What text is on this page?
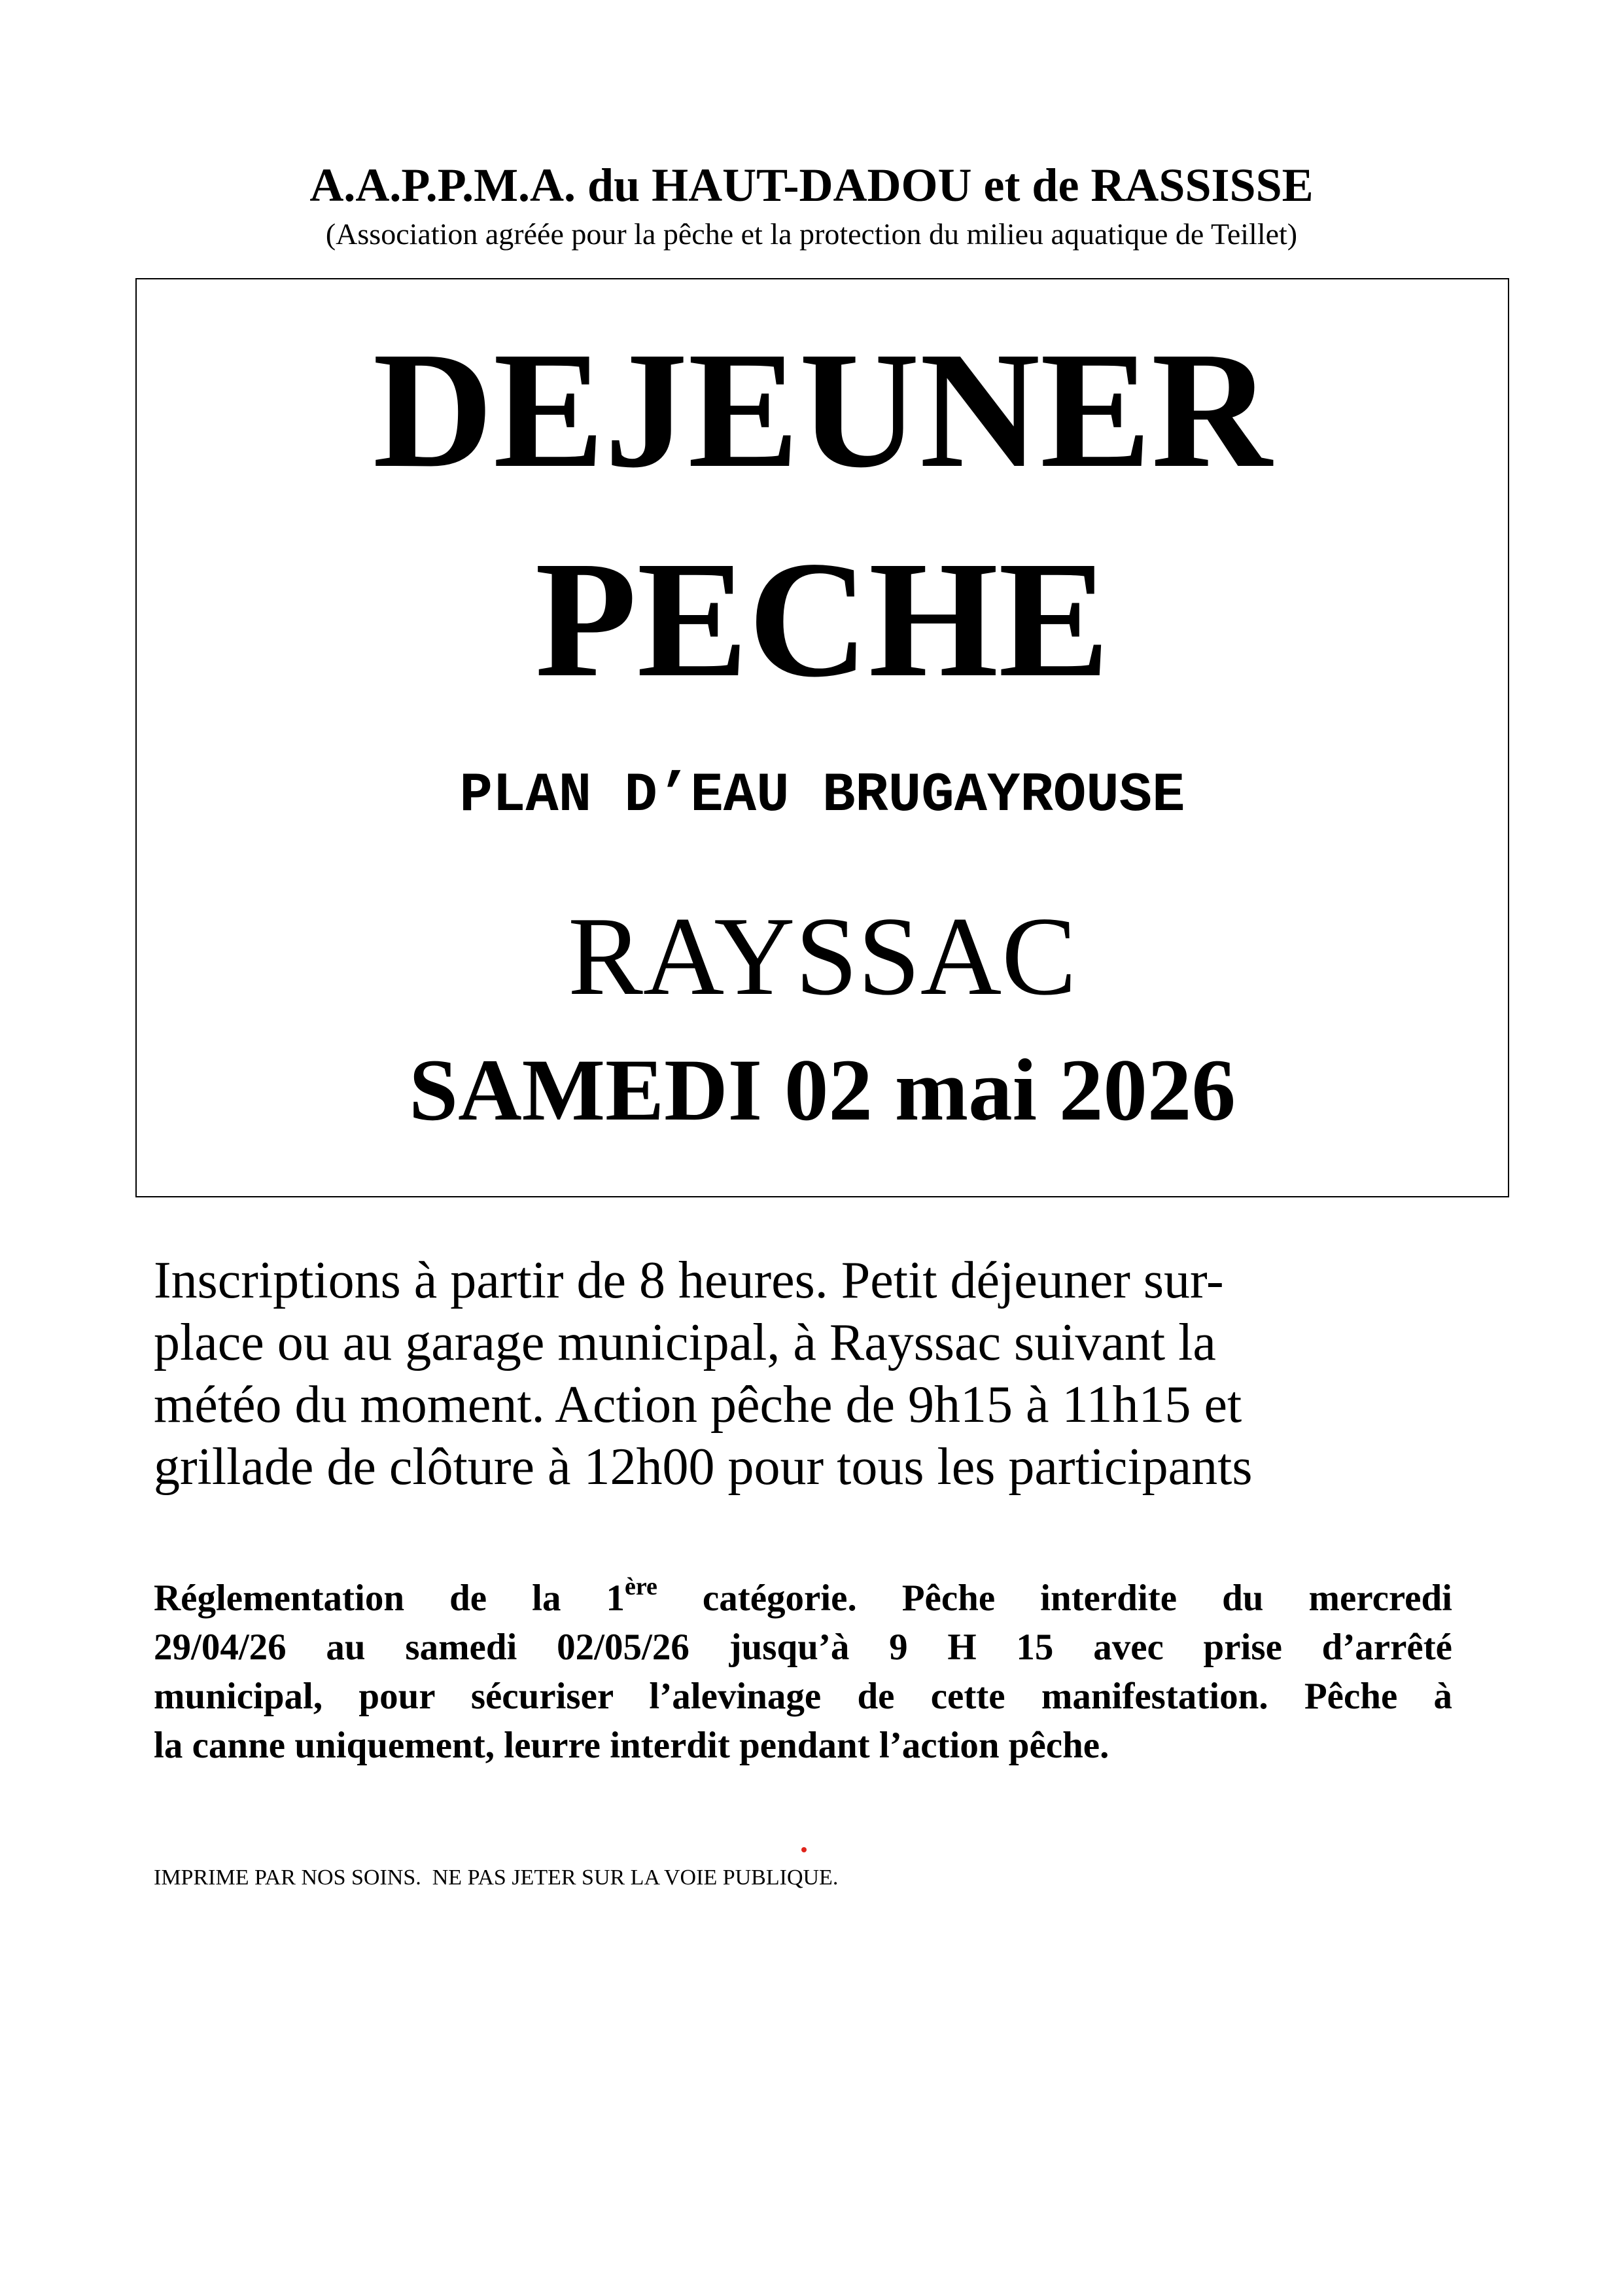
A.A.P.P.M.A. du HAUT-DADOU et de RASSISSE
(Association agréée pour la pêche et la protection du milieu aquatique de Teillet)
DEJEUNER
PECHE
PLAN D’EAU BRUGAYROUSE
RAYSSAC
SAMEDI 02 mai 2026
Inscriptions à partir de 8 heures. Petit déjeuner sur-
place ou au garage municipal, à Rayssac suivant la
météo du moment. Action pêche de 9h15 à 11h15 et
grillade de clôture à 12h00 pour tous les participants
Réglementation de la 1ère catégorie. Pêche interdite du mercredi
29/04/26 au samedi 02/05/26 jusqu’à 9 H 15 avec prise d’arrêté
municipal, pour sécuriser l’alevinage de cette manifestation. Pêche à
la canne uniquement, leurre interdit pendant l’action pêche.
IMPRIME PAR NOS SOINS.  NE PAS JETER SUR LA VOIE PUBLIQUE.
